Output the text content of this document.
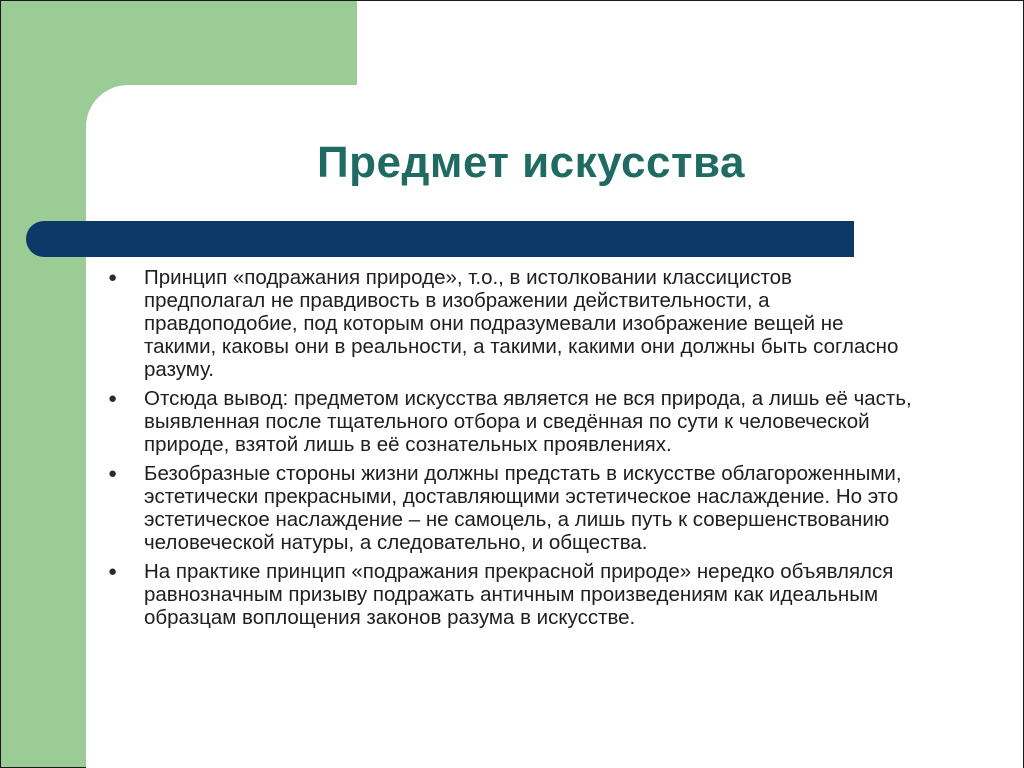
Предмет искусства
● Принцип «подражания природе», т.о., в истолковании классицистов предполагал не правдивость в изображении действительности, а правдоподобие, под которым они подразумевали изображение вещей не такими, каковы они в реальности, а такими, какими они должны быть согласно разуму.
● Отсюда вывод: предметом искусства является не вся природа, а лишь её часть, выявленная после тщательного отбора и сведённая по сути к человеческой природе, взятой лишь в её сознательных проявлениях.
● Безобразные стороны жизни должны предстать в искусстве облагороженными, эстетически прекрасными, доставляющими эстетическое наслаждение. Но это эстетическое наслаждение – не самоцель, а лишь путь к совершенствованию человеческой натуры, а следовательно, и общества.
● На практике принцип «подражания прекрасной природе» нередко объявлялся равнозначным призыву подражать античным произведениям как идеальным образцам воплощения законов разума в искусстве.
